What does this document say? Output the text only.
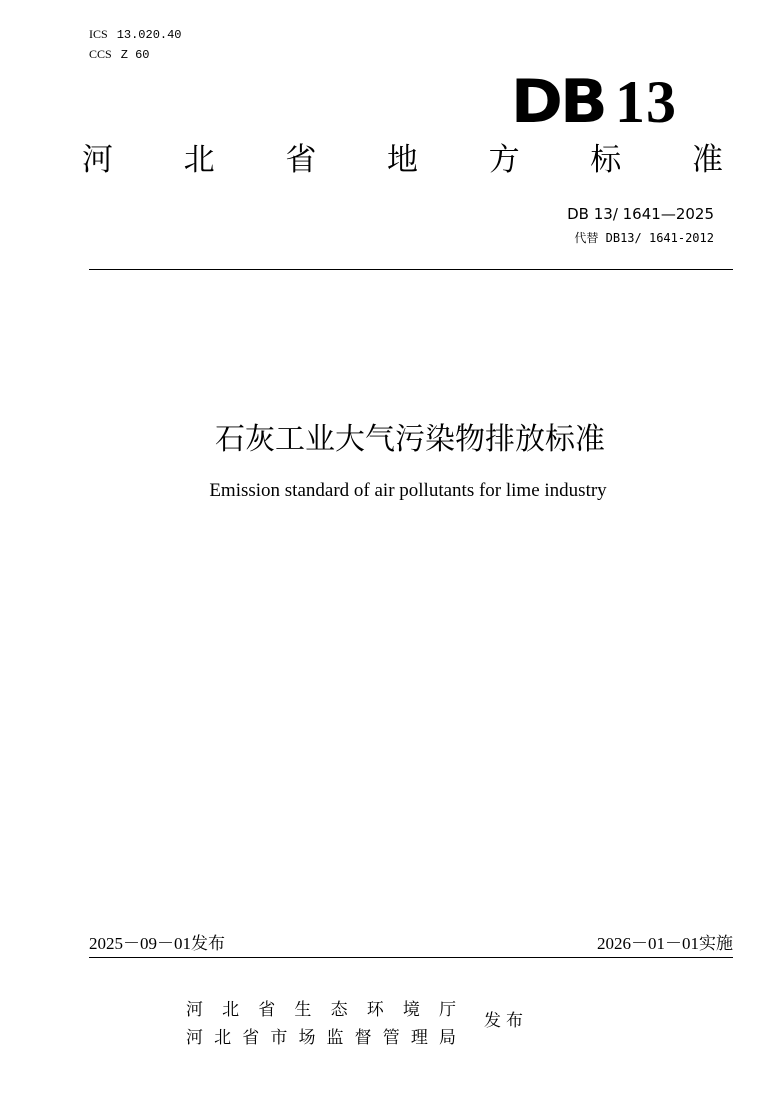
ICS 13.020.40
CCS Z 60
DB 13
河 北 省 地 方 标 准
DB 13/ 1641—2025
代替 DB13/ 1641-2012
石灰工业大气污染物排放标准
Emission standard of air pollutants for lime industry
2025－09－01发布	2026－01－01实施
河 北 省 生 态 环 境 厅
河 北 省 市 场 监 督 管 理 局
发布
